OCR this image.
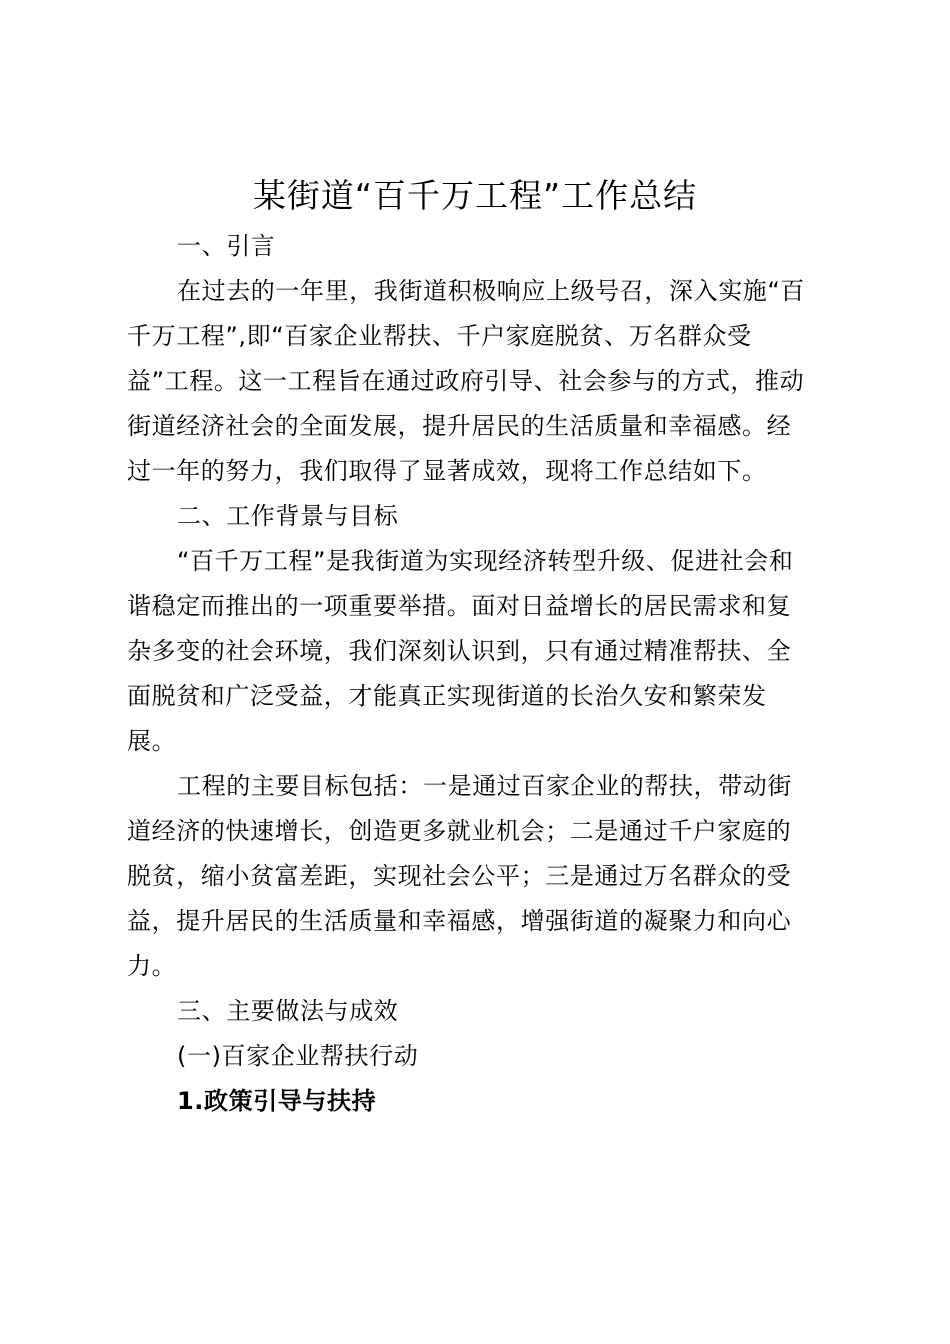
某街道“百千万工程”工作总结
一、引言
在过去的一年里，我街道积极响应上级号召，深入实施“百
千万工程”,即“百家企业帮扶、千户家庭脱贫、万名群众受
益”工程。这一工程旨在通过政府引导、社会参与的方式，推动
街道经济社会的全面发展，提升居民的生活质量和幸福感。经
过一年的努力，我们取得了显著成效，现将工作总结如下。
二、工作背景与目标
“百千万工程”是我街道为实现经济转型升级、促进社会和
谐稳定而推出的一项重要举措。面对日益增长的居民需求和复
杂多变的社会环境，我们深刻认识到，只有通过精准帮扶、全
面脱贫和广泛受益，才能真正实现街道的长治久安和繁荣发
展。
工程的主要目标包括：一是通过百家企业的帮扶，带动街
道经济的快速增长，创造更多就业机会；二是通过千户家庭的
脱贫，缩小贫富差距，实现社会公平；三是通过万名群众的受
益，提升居民的生活质量和幸福感，增强街道的凝聚力和向心
力。
三、主要做法与成效
(一)百家企业帮扶行动
1.政策引导与扶持
